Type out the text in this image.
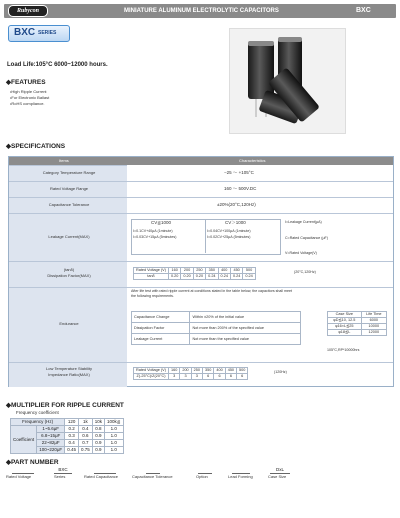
Rubycon	MINIATURE ALUMINUM ELECTROLYTIC CAPACITORS	BXC
BXC SERIES
Load Life:105°C 6000~12000 hours.
◆FEATURES
•High Ripple Current
•For Electronic Ballast
•RoHS compliance.
◆SPECIFICATIONS
Items	Characteristics
Category Temperature Range	−25 ～ +105°C
Rated Voltage Range	160 ～ 500V.DC
Capacitance Tolerance	±20%(20°C,120Hz)
Leakage Current(MAX)
CV≦1000	CV＞1000
I=0.1CV+40μA (1minute)
I=0.03CV+15μA (5minutes)
I=0.04CV+100μA (1minute)
I=0.02CV+25μA (5minutes)
I=Leakage Current(μA)
C=Rated Capacitance (μF)
V=Rated Voltage(V)
(tanδ)
Dissipation Factor(MAX)
Rated Voltage (V)	160	200	250	350	400	450	500
tanδ	0.20	0.20	0.20	0.24	0.24	0.24	0.24
(20°C,120Hz)
Endurance
After life test with rated ripple current at conditions stated in the table below, the capacitors shall meet
the following requirements.
Capacitance Change	Within ±20% of the initial value
Dissipation Factor	Not more than 200% of the specified value
Leakage Current	Not more than the specified value
Case Size	Life Time
φD≦10, 12.5	6000
φ16×L≦25	10000
φ18≦L	12000
105°C,RP*10000hrs
Low Temperature Stability
Impedance Ratio(MAX)
Rated Voltage (V)	160	200	250	350	400	450	500
Z(-25°C)/Z(20°C)	3	3	3	6	6	6	6
(120Hz)
◆MULTIPLIER FOR RIPPLE CURRENT
Frequency coefficient
Frequency (Hz)		120	1k	10k	100k≦
Coefficient	1~5.6μF	0.2	0.4	0.8	1.0
	6.8~15μF	0.3	0.6	0.9	1.0
	22~82μF	0.4	0.7	0.9	1.0
	100~220μF	0.45	0.75	0.9	1.0
◆PART NUMBER
BXC	DxL
Rated Voltage	Series	Rated Capacitance	Capacitance Tolerance	Option	Lead Forming	Case Size
